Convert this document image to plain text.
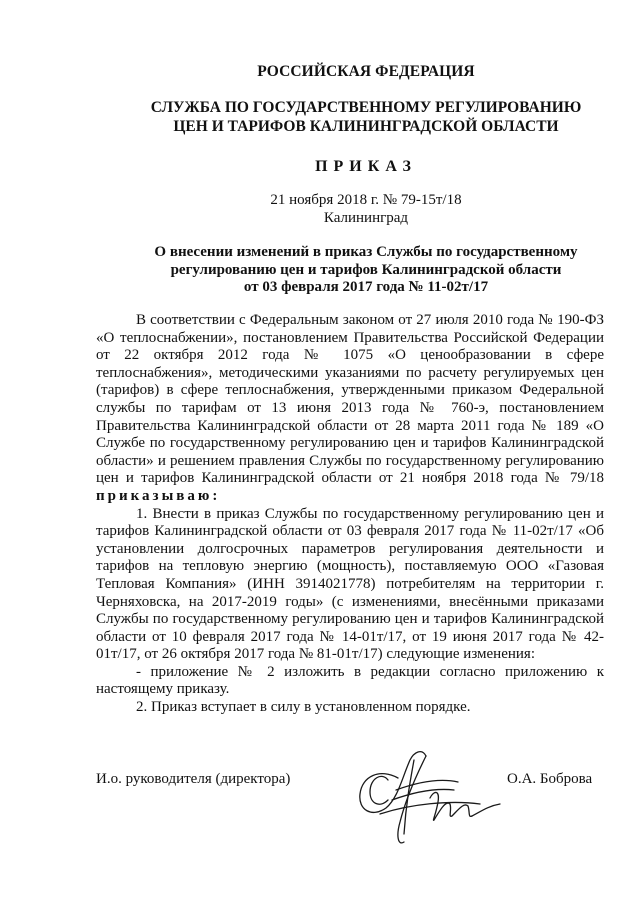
РОССИЙСКАЯ ФЕДЕРАЦИЯ
СЛУЖБА ПО ГОСУДАРСТВЕННОМУ РЕГУЛИРОВАНИЮ
ЦЕН И ТАРИФОВ КАЛИНИНГРАДСКОЙ ОБЛАСТИ
ПРИКАЗ
21 ноября 2018 г. № 79-15т/18
Калининград
О внесении изменений в приказ Службы по государственному
регулированию цен и тарифов Калининградской области
от 03 февраля 2017 года № 11-02т/17

В соответствии с Федеральным законом от 27 июля 2010 года № 190-ФЗ «О теплоснабжении», постановлением Правительства Российской Федерации от 22 октября 2012 года № 1075 «О ценообразовании в сфере теплоснабжения», методическими указаниями по расчету регулируемых цен (тарифов) в сфере теплоснабжения, утвержденными приказом Федеральной службы по тарифам от 13 июня 2013 года № 760-э, постановлением Правительства Калининградской области от 28 марта 2011 года № 189 «О Службе по государственному регулированию цен и тарифов Калининградской области» и решением правления Службы по государственному регулированию цен и тарифов Калининградской области от 21 ноября 2018 года № 79/18 приказываю:

1. Внести в приказ Службы по государственному регулированию цен и тарифов Калининградской области от 03 февраля 2017 года № 11-02т/17 «Об установлении долгосрочных параметров регулирования деятельности и тарифов на тепловую энергию (мощность), поставляемую ООО «Газовая Тепловая Компания» (ИНН 3914021778) потребителям на территории г. Черняховска, на 2017-2019 годы» (с изменениями, внесёнными приказами Службы по государственному регулированию цен и тарифов Калининградской области от 10 февраля 2017 года № 14-01т/17, от 19 июня 2017 года № 42-01т/17, от 26 октября 2017 года № 81-01т/17) следующие изменения:

- приложение № 2 изложить в редакции согласно приложению к настоящему приказу.

2. Приказ вступает в силу в установленном порядке.

И.о. руководителя (директора)	О.А. Боброва
